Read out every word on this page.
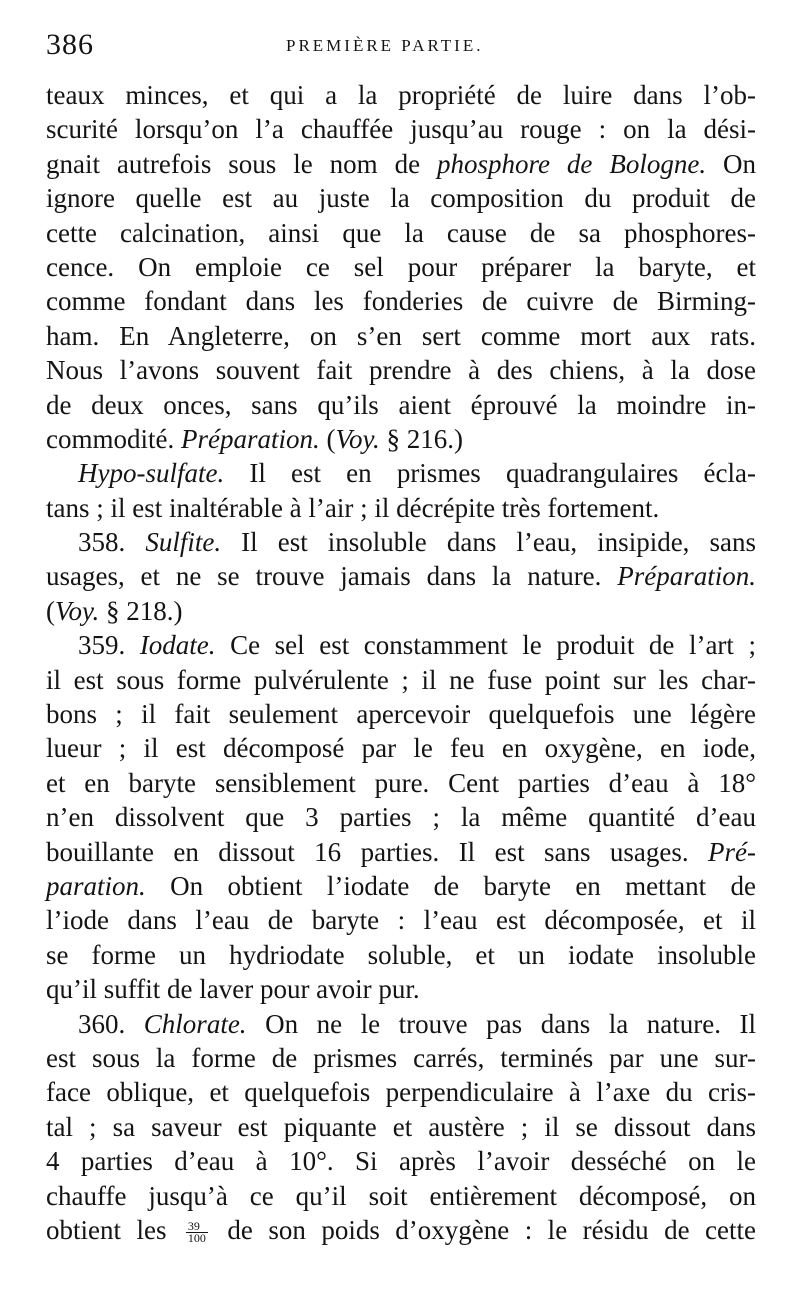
386	PREMIÈRE PARTIE.
teaux minces, et qui a la propriété de luire dans l’ob-
scurité lorsqu’on l’a chauffée jusqu’au rouge : on la dési-
gnait autrefois sous le nom de phosphore de Bologne. On
ignore quelle est au juste la composition du produit de
cette calcination, ainsi que la cause de sa phosphores-
cence. On emploie ce sel pour préparer la baryte, et
comme fondant dans les fonderies de cuivre de Birming-
ham. En Angleterre, on s’en sert comme mort aux rats.
Nous l’avons souvent fait prendre à des chiens, à la dose
de deux onces, sans qu’ils aient éprouvé la moindre in-
commodité. Préparation. (Voy. § 216.)
Hypo-sulfate. Il est en prismes quadrangulaires écla-
tans ; il est inaltérable à l’air ; il décrépite très fortement.
358. Sulfite. Il est insoluble dans l’eau, insipide, sans
usages, et ne se trouve jamais dans la nature. Préparation.
(Voy. § 218.)
359. Iodate. Ce sel est constamment le produit de l’art ;
il est sous forme pulvérulente ; il ne fuse point sur les char-
bons ; il fait seulement apercevoir quelquefois une légère
lueur ; il est décomposé par le feu en oxygène, en iode,
et en baryte sensiblement pure. Cent parties d’eau à 18°
n’en dissolvent que 3 parties ; la même quantité d’eau
bouillante en dissout 16 parties. Il est sans usages. Pré-
paration. On obtient l’iodate de baryte en mettant de
l’iode dans l’eau de baryte : l’eau est décomposée, et il
se forme un hydriodate soluble, et un iodate insoluble
qu’il suffit de laver pour avoir pur.
360. Chlorate. On ne le trouve pas dans la nature. Il
est sous la forme de prismes carrés, terminés par une sur-
face oblique, et quelquefois perpendiculaire à l’axe du cris-
tal ; sa saveur est piquante et austère ; il se dissout dans
4 parties d’eau à 10°. Si après l’avoir desséché on le
chauffe jusqu’à ce qu’il soit entièrement décomposé, on
obtient les $\frac{39}{100}$ de son poids d’oxygène : le résidu de cette
